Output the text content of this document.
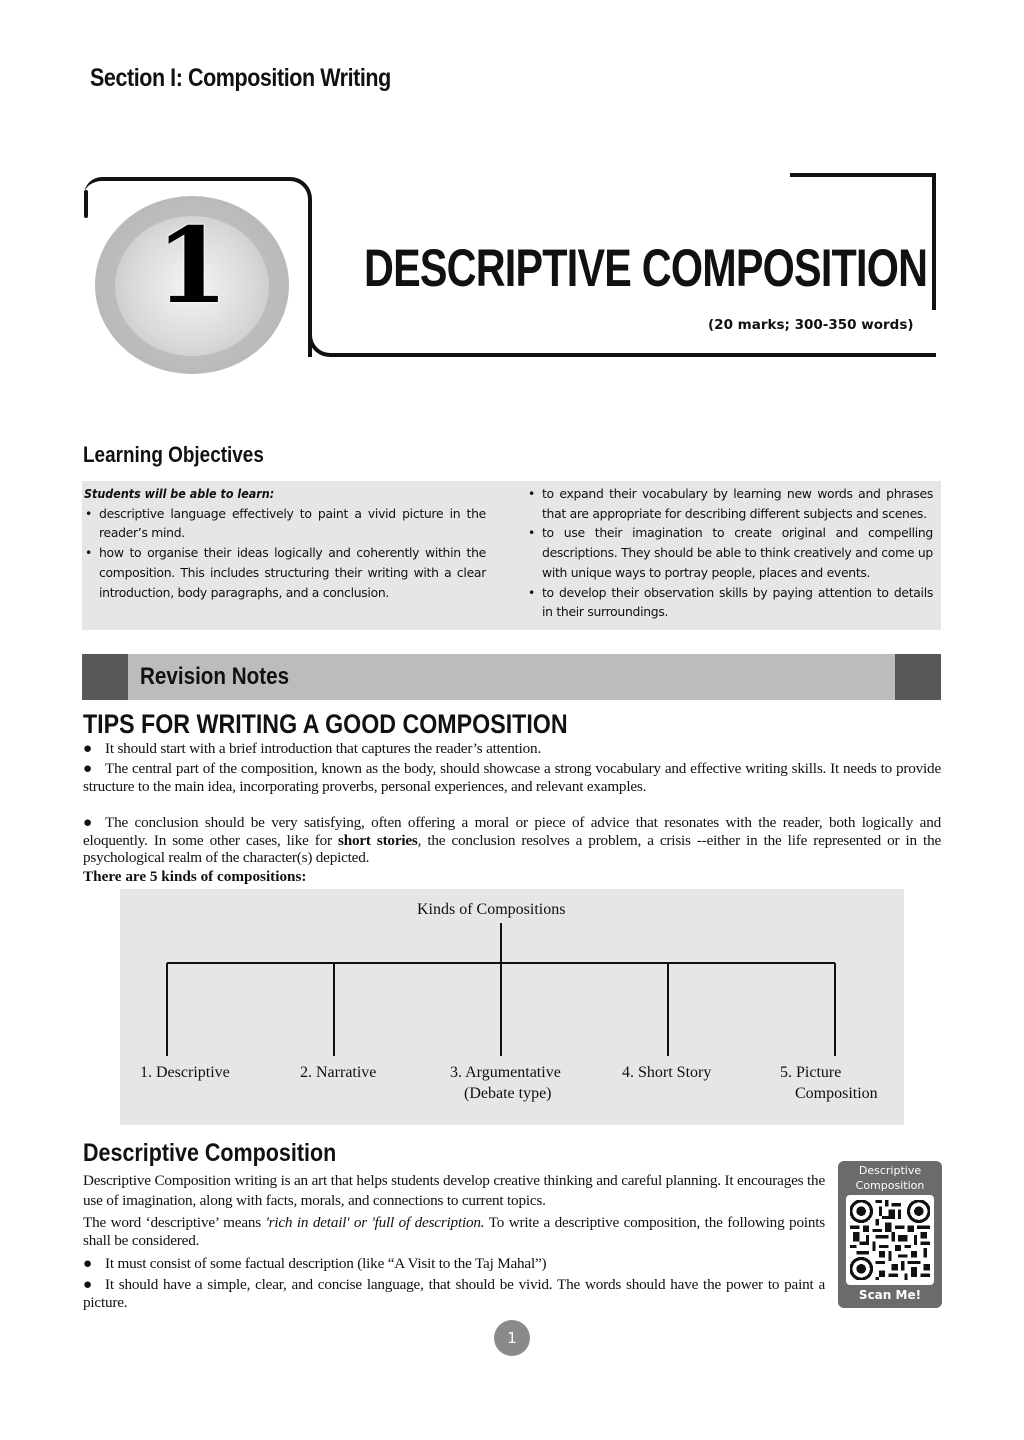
Section I: Composition Writing
1	DESCRIPTIVE COMPOSITION
(20 marks; 300-350 words)
Learning Objectives
Students will be able to learn:
• descriptive language effectively to paint a vivid picture in the reader’s mind.
• how to organise their ideas logically and coherently within the composition. This includes structuring their writing with a clear introduction, body paragraphs, and a conclusion.
• to expand their vocabulary by learning new words and phrases that are appropriate for describing different subjects and scenes.
• to use their imagination to create original and compelling descriptions. They should be able to think creatively and come up with unique ways to portray people, places and events.
• to develop their observation skills by paying attention to details in their surroundings.
Revision Notes
TIPS FOR WRITING A GOOD COMPOSITION
● It should start with a brief introduction that captures the reader’s attention.
● The central part of the composition, known as the body, should showcase a strong vocabulary and effective writing skills. It needs to provide structure to the main idea, incorporating proverbs, personal experiences, and relevant examples.
● The conclusion should be very satisfying, often offering a moral or piece of advice that resonates with the reader, both logically and eloquently. In some other cases, like for short stories, the conclusion resolves a problem, a crisis --either in the life represented or in the psychological realm of the character(s) depicted.
There are 5 kinds of compositions:
Kinds of Compositions
1. Descriptive	2. Narrative	3. Argumentative
(Debate type)
4. Short Story	5. Picture
Composition
Descriptive Composition
Descriptive Composition writing is an art that helps students develop creative thinking and careful planning. It encourages the use of imagination, along with facts, morals, and connections to current topics.
The word ‘descriptive’ means 'rich in detail' or 'full of description. To write a descriptive composition, the following points shall be considered.
● It must consist of some factual description (like “A Visit to the Taj Mahal”)
● It should have a simple, clear, and concise language, that should be vivid. The words should have the power to paint a picture.
Descriptive
Composition
Scan Me!
1
